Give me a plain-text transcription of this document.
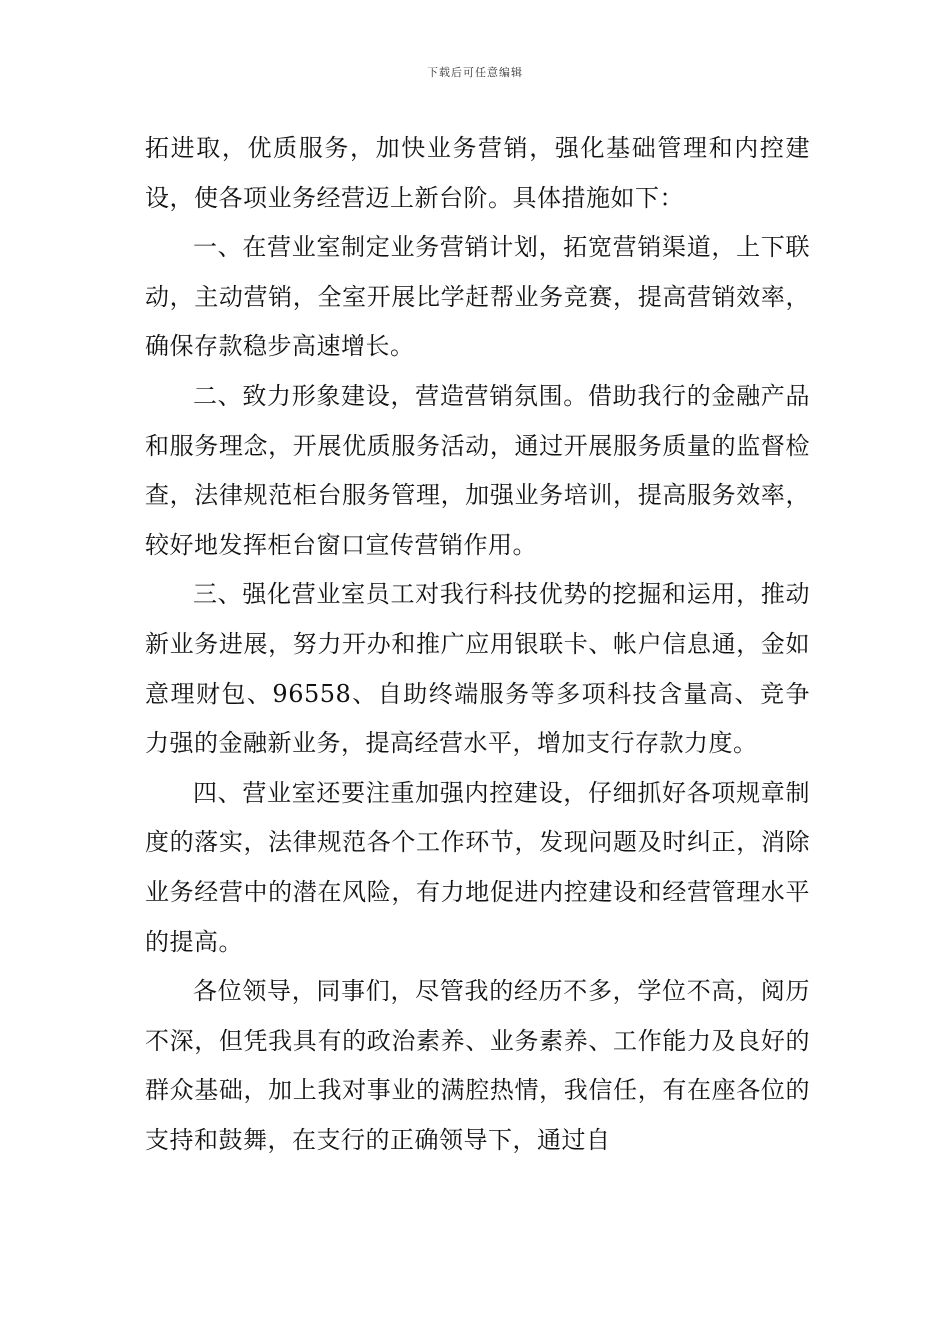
下载后可任意编辑

拓进取，优质服务，加快业务营销，强化基础管理和内控建设，使各项业务经营迈上新台阶。具体措施如下：

一、在营业室制定业务营销计划，拓宽营销渠道，上下联动，主动营销，全室开展比学赶帮业务竞赛，提高营销效率，确保存款稳步高速增长。

二、致力形象建设，营造营销氛围。借助我行的金融产品和服务理念，开展优质服务活动，通过开展服务质量的监督检查，法律规范柜台服务管理，加强业务培训，提高服务效率，较好地发挥柜台窗口宣传营销作用。

三、强化营业室员工对我行科技优势的挖掘和运用，推动新业务进展，努力开办和推广应用银联卡、帐户信息通，金如意理财包、96558、自助终端服务等多项科技含量高、竞争力强的金融新业务，提高经营水平，增加支行存款力度。

四、营业室还要注重加强内控建设，仔细抓好各项规章制度的落实，法律规范各个工作环节，发现问题及时纠正，消除业务经营中的潜在风险，有力地促进内控建设和经营管理水平的提高。

各位领导，同事们，尽管我的经历不多，学位不高，阅历不深，但凭我具有的政治素养、业务素养、工作能力及良好的群众基础，加上我对事业的满腔热情，我信任，有在座各位的支持和鼓舞，在支行的正确领导下，通过自
